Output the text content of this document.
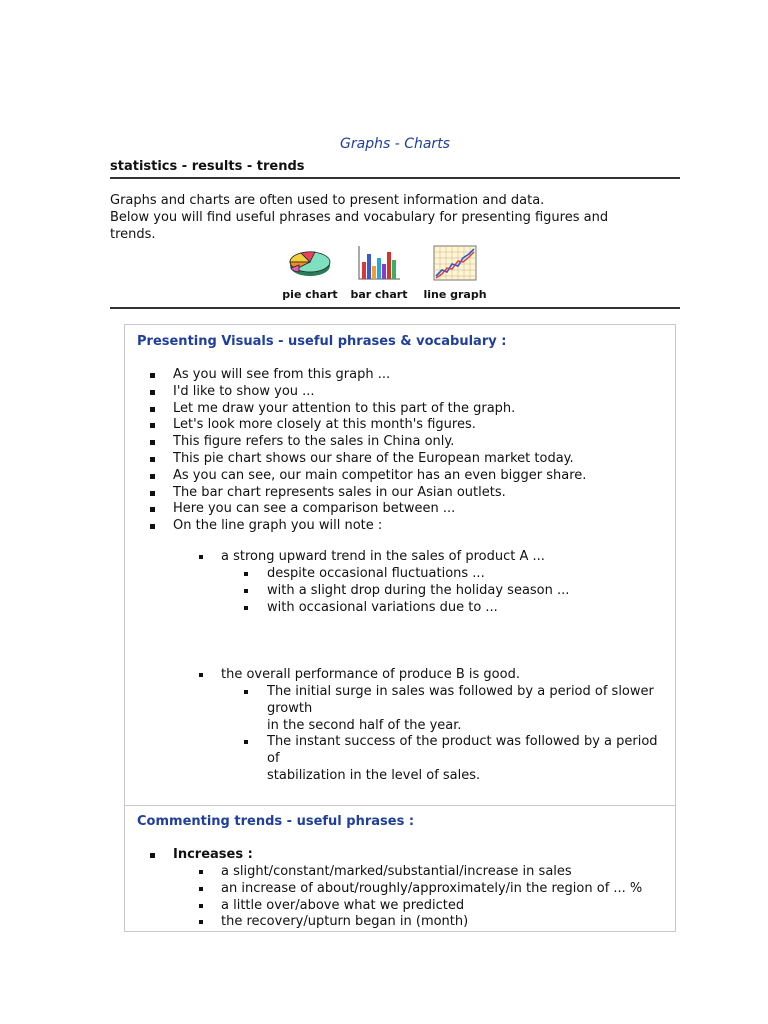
Graphs - Charts
statistics - results - trends
Graphs and charts are often used to present information and data.
Below you will find useful phrases and vocabulary for presenting figures and trends.
pie chart	bar chart	line graph
Presenting Visuals - useful phrases & vocabulary :
As you will see from this graph ...
I'd like to show you ...
Let me draw your attention to this part of the graph.
Let's look more closely at this month's figures.
This figure refers to the sales in China only.
This pie chart shows our share of the European market today.
As you can see, our main competitor has an even bigger share.
The bar chart represents sales in our Asian outlets.
Here you can see a comparison between ...
On the line graph you will note :
a strong upward trend in the sales of product A ...
despite occasional fluctuations ...
with a slight drop during the holiday season ...
with occasional variations due to ...
the overall performance of produce B is good.
The initial surge in sales was followed by a period of slower growth
in the second half of the year.
The instant success of the product was followed by a period of
stabilization in the level of sales.
Commenting trends - useful phrases :
Increases :
a slight/constant/marked/substantial/increase in sales
an increase of about/roughly/approximately/in the region of ... %
a little over/above what we predicted
the recovery/upturn began in (month)
